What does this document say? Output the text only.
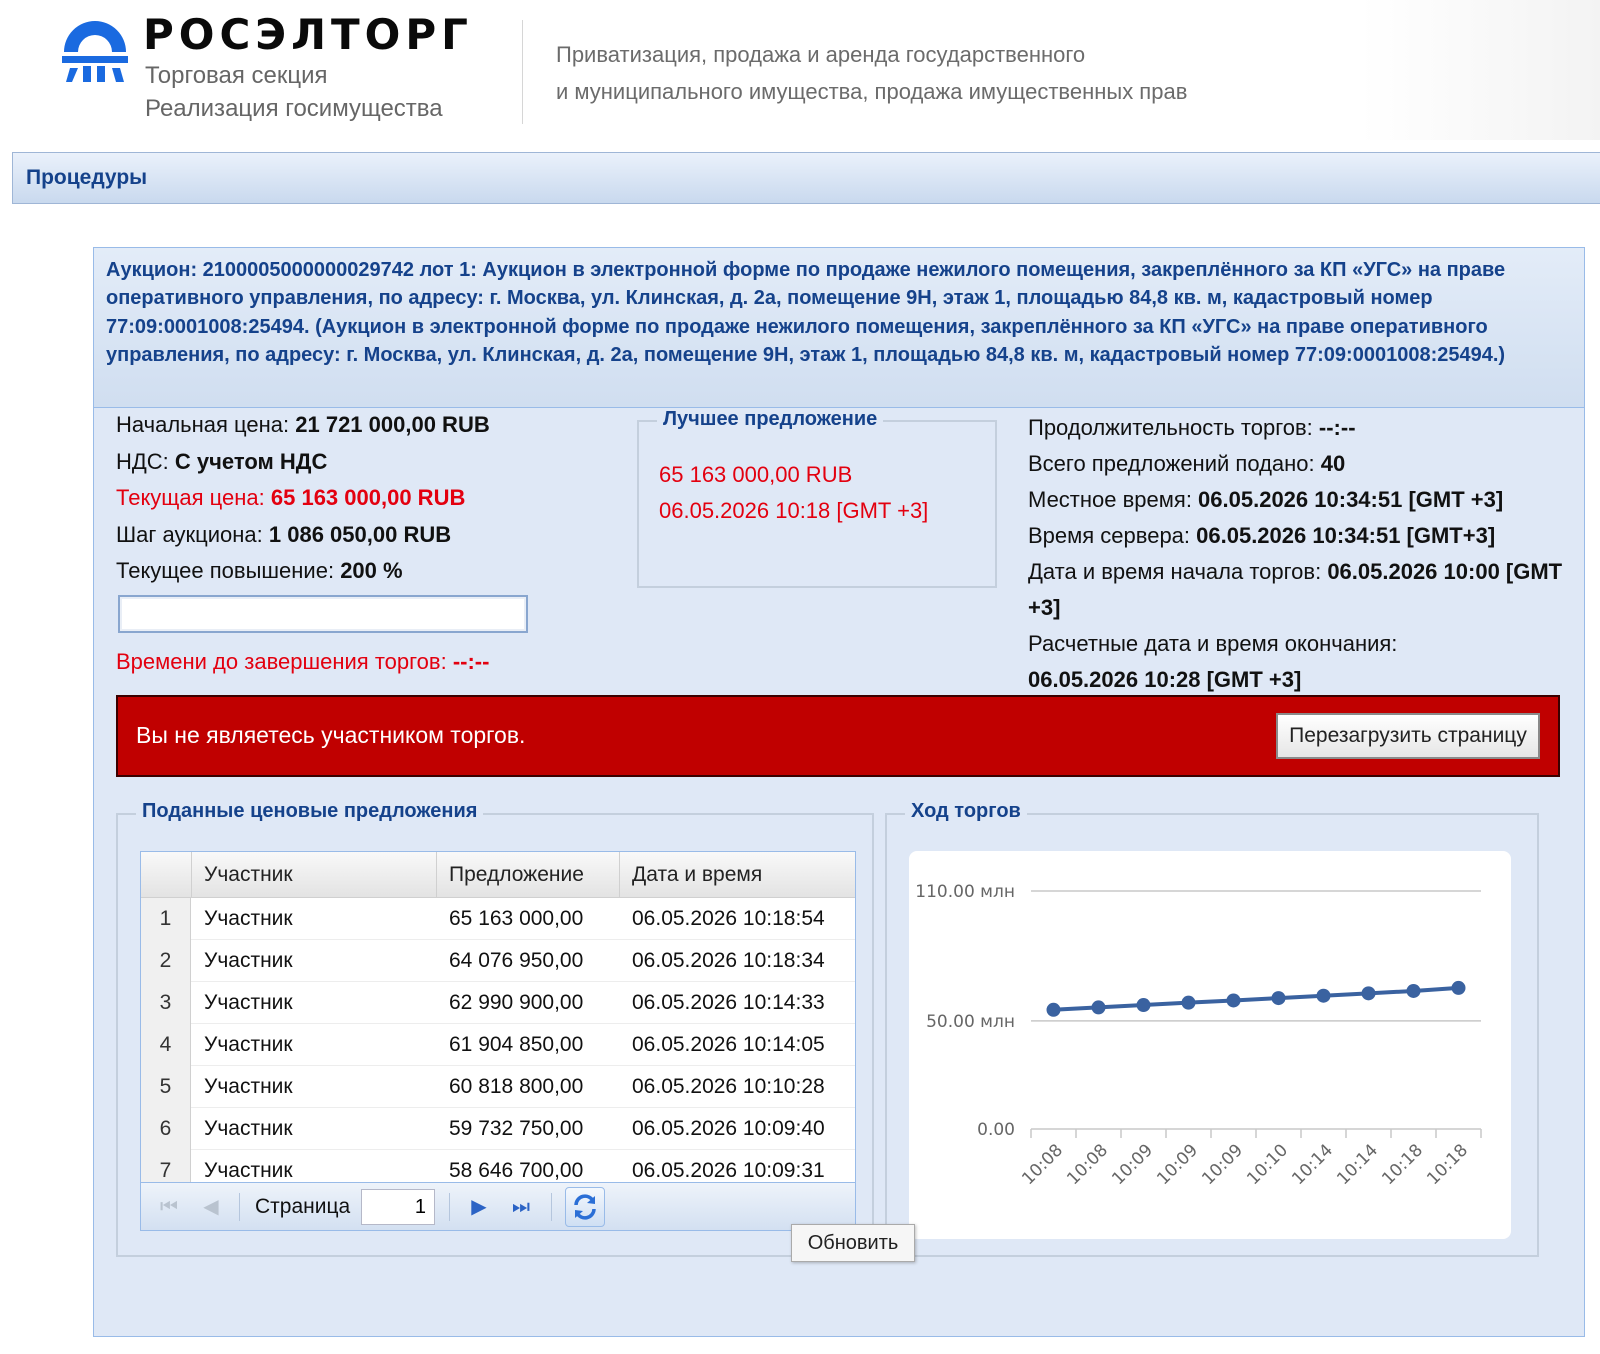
РОСЭЛТОРГ
Торговая секция
Реализация госимущества
Приватизация, продажа и аренда государственного
и муниципального имущества, продажа имущественных прав
Процедуры
Аукцион: 2100005000000029742 лот 1: Аукцион в электронной форме по продаже нежилого помещения, закреплённого за КП «УГС» на праве оперативного управления, по адресу: г. Москва, ул. Клинская, д. 2а, помещение 9Н, этаж 1, площадью 84,8 кв. м, кадастровый номер 77:09:0001008:25494. (Аукцион в электронной форме по продаже нежилого помещения, закреплённого за КП «УГС» на праве оперативного управления, по адресу: г. Москва, ул. Клинская, д. 2а, помещение 9Н, этаж 1, площадью 84,8 кв. м, кадастровый номер 77:09:0001008:25494.)
Начальная цена: 21 721 000,00 RUB
НДС: С учетом НДС
Текущая цена: 65 163 000,00 RUB
Шаг аукциона: 1 086 050,00 RUB
Текущее повышение: 200 %
Времени до завершения торгов: --:--
Лучшее предложение
65 163 000,00 RUB
06.05.2026 10:18 [GMT +3]
Продолжительность торгов: --:--
Всего предложений подано: 40
Местное время: 06.05.2026 10:34:51 [GMT +3]
Время сервера: 06.05.2026 10:34:51 [GMT+3]
Дата и время начала торгов: 06.05.2026 10:00 [GMT +3]
Расчетные дата и время окончания:
06.05.2026 10:28 [GMT +3]
Вы не являетесь участником торгов.	Перезагрузить страницу
Поданные ценовые предложения
Участник	Предложение	Дата и время
1	Участник	65 163 000,00 06.05.2026 10:18:54
2	Участник	64 076 950,00 06.05.2026 10:18:34
3	Участник	62 990 900,00 06.05.2026 10:14:33
4	Участник	61 904 850,00 06.05.2026 10:14:05
5	Участник	60 818 800,00 06.05.2026 10:10:28
6	Участник	59 732 750,00 06.05.2026 10:09:40
7	Участник	58 646 700,00 06.05.2026 10:09:31
⏮	◀	Страница
1	▶	⏭
Ход торгов
0.00
50.00 млн
110.00 млн
10:08
10:08
10:09
10:09
10:09
10:10
10:14
10:14
10:18
10:18
Обновить
